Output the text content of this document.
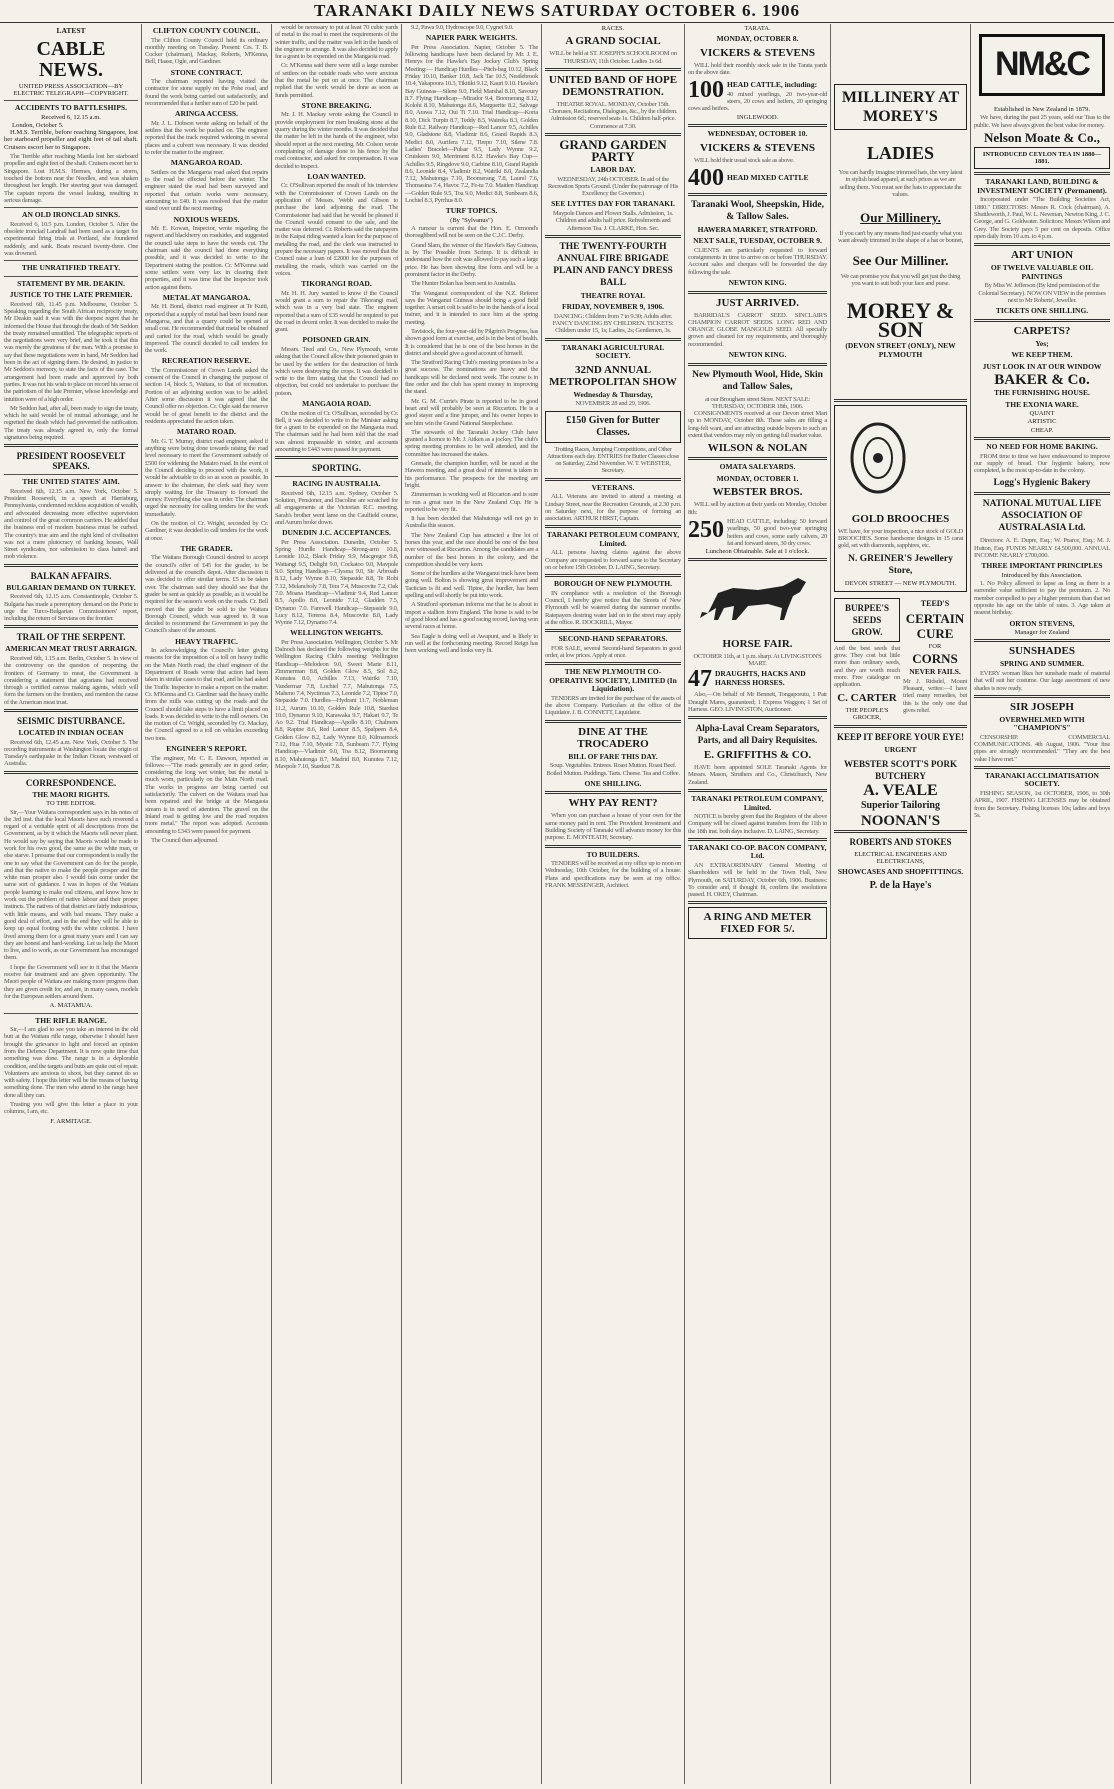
TARANAKI DAILY NEWS SATURDAY OCTOBER 6. 1906
LATEST
CABLE NEWS.
UNITED PRESS ASSOCIATION—BY ELECTRIC TELEGRAPH—COPYRIGHT.
ACCIDENTS TO BATTLESHIPS.
Received 6, 12.15 a.m.
London, October 5.

H.M.S. Terrible, before reaching Singapore, lost her starboard propeller and eight feet of tail shaft. Cruisers escort her to Singapore.

The Terrible after reaching Manila lost her starboard propeller and eight feet of the shaft. Cruisers escort her to Singapore. Lost H.M.S. Hermes, during a storm, touched the bottom near the Needles, and was shaken throughout her length. Her steering gear was damaged. The captain reports the vessel leaking, resulting in serious damage.

AN OLD IRONCLAD SINKS.

Received 6, 10.5 p.m. London, October 5. After the obsolete ironclad Landrail had been used as a target for experimental firing trials at Portland, she foundered suddenly, and sank. Boats rescued twenty-three. One was drowned.

THE UNRATIFIED TREATY.
STATEMENT BY MR. DEAKIN.
JUSTICE TO THE LATE PREMIER.

Received 6th, 11.45 p.m. Melbourne, October 5. Speaking regarding the South African reciprocity treaty, Mr Deakin said it was with the deepest regret that he informed the House that through the death of Mr Seddon the treaty remained unratified. The telegraphic reports of the negotiations were very brief, and he took it that this was merely the greatness of the man. With a promise to say that these negotiations were in hand, Mr Seddon had been in the act of signing them. He desired, in justice to Mr Seddon's memory, to state the facts of the case. The arrangement had been made and approved by both parties. It was not his wish to place on record his sense of the patriotism of the late Premier, whose knowledge and intuition were of a high order.

Mr Seddon had, after all, been ready to sign the treaty, which he said would be of mutual advantage, and he regretted the death which had prevented the ratification. The treaty was already agreed to, only the formal signatures being required.

PRESIDENT ROOSEVELT SPEAKS.
THE UNITED STATES' AIM.

Received 6th, 12.15 a.m. New York, October 5. President Roosevelt, in a speech at Harrisburg, Pennsylvania, condemned reckless acquisition of wealth, and advocated decreasing more effective supervision and control of the great common carriers. He added that the business end of modern business must be curbed. The country's true aim and the right kind of civilisation was not a mere plutocracy of banking houses, Wall Street syndicates, nor submission to class hatred and mob violence.

BALKAN AFFAIRS.
BULGARIAN DEMAND ON TURKEY.

Received 6th, 12.15 a.m. Constantinople, October 5. Bulgaria has made a peremptory demand on the Porte to urge the Turco-Bulgarian Commissioners' report, including the return of Servians on the frontier.

TRAIL OF THE SERPENT.
AMERICAN MEAT TRUST ARRAIGN.

Received 6th, 1.15 a.m. Berlin, October 5. In view of the controversy on the question of reopening the frontiers of Germany to meat, the Government is considering a statement that agrarians had received through a certified canvas making agents, which will form the farmers on the frontiers, and mention the cause of the American meat trust.

SEISMIC DISTURBANCE.
LOCATED IN INDIAN OCEAN

Received 6th, 12.45 a.m. New York, October 5. The recording instruments at Washington locate the origin of Tuesday's earthquake in the Indian Ocean, westward of Australia.

CORRESPONDENCE.
THE MAORI RIGHTS.
TO THE EDITOR.

Sir,—Your Waitara correspondent says in his notes of the 3rd inst. that the local Maoris have such reverend a regard of a veritable spirit of all descriptions from the Government, as by it which the Maoris will never plant. He would say by saying that Maoris would be made to work for his own good, the same as the white man, or else starve. I presume that our correspondent is really the one to say what the Government can do for the people, and that the native to make the people prosper and the white man prosper also. I would fain come under the same sort of guidance. I was in hopes of the Waitara people learning to make real citizens, and know how to work out the problem of native labour and their proper instincts. The natives of that district are fairly industrious, with little means, and with bad means. They make a good deal of effort, and in the end they will be able to keep up equal footing with the white colonist. I have lived among them for a great many years and I can say they are honest and hard-working. Let us help the Maori to live, and to work, as our Government has encouraged them.

I hope the Government will see to it that the Maoris receive fair treatment and are given opportunity. The Maori people of Waitara are making more progress than they are given credit for, and are, in many cases, models for the European settlers around them.

A. MATAMUA.
THE RIFLE RANGE.

Sir,—I am glad to see you take an interest in the old butt at the Waitara rifle range, otherwise I should have brought the grievance to light and forced an opinion from the Defence Department. It is now quite time that something was done. The range is in a deplorable condition, and the targets and butts are quite out of repair. Volunteers are anxious to shoot, but they cannot do so with safety. I hope this letter will be the means of having something done. The men who attend to the range have done all they can.

Trusting you will give this letter a place in your columns, I am, etc.

F. ARMITAGE.
CLIFTON COUNTY COUNCIL.

The Clifton County Council held its ordinary monthly meeting on Tuesday. Present: Crs. T. B. Cocker (chairman), Mackay, Roberts, M'Kenna, Bell, Haase, Ogle, and Gardiner.

STONE CONTRACT.

The chairman reported having visited the contractor for stone supply on the Pohe road, and found the work being carried out satisfactorily, and recommended that a further sum of £20 be paid.

ARINGA ACCESS.

Mr. J. L. Dobson wrote asking on behalf of the settlers that the work be pushed on. The engineer reported that the track required widening in several places and a culvert was necessary. It was decided to refer the matter to the engineer.

MANGAROA ROAD.

Settlers on the Mangaroa road asked that repairs to the road be effected before the winter. The engineer stated the road had been surveyed and reported that certain works were necessary, amounting to £40. It was resolved that the matter stand over until the next meeting.

NOXIOUS WEEDS.

Mr. E. Kowan, Inspector, wrote regarding the ragwort and blackberry on roadsides, and suggested the council take steps to have the weeds cut. The chairman said the council had done everything possible, and it was decided to write to the Department stating the position. Cr. M'Kenna said some settlers were very lax in clearing their properties, and it was time that the Inspector took action against them.

METAL AT MANGAROA.

Mr. H. Bond, district road engineer at Te Kuiti, reported that a supply of metal had been found near Mangaroa, and that a quarry could be opened at small cost. He recommended that metal be obtained and carted for the road, which would be greatly improved. The council decided to call tenders for the work.

RECREATION RESERVE.

The Commissioner of Crown Lands asked the consent of the Council in changing the purpose of section 14, block 5, Waitara, to that of recreation. Portion of an adjoining section was to be added. After some discussion it was agreed that the Council offer no objection. Cr. Ogle said the reserve would be of great benefit to the district and the residents appreciated the action taken.

MATARO ROAD.

Mr. G. T. Murray, district road engineer, asked if anything were being done towards raising the road level necessary to meet the Government subsidy of £500 for widening the Matairo road. In the event of the Council deciding to proceed with the work, it would be advisable to do so as soon as possible. In answer to the chairman, the clerk said they were simply waiting for the Treasury to forward the money. Everything else was in order. The chairman urged the necessity for calling tenders for the work immediately.

On the motion of Cr. Wright, seconded by Cr. Gardiner, it was decided to call tenders for the work at once.

THE GRADER.

The Waitara Borough Council desired to accept the council's offer of £45 for the grader, to be delivered at the council's depot. After discussion it was decided to offer similar terms. £5 to be taken over. The chairman said they should see that the grader be sent as quickly as possible, as it would be required for the season's work on the roads. Cr. Bell moved that the grader be sold to the Waitara Borough Council, which was agreed to. It was decided to recommend the Government to pay the Council's share of the amount.

HEAVY TRAFFIC.

In acknowledging the Council's letter giving reasons for the imposition of a toll on heavy traffic on the Main North road, the chief engineer of the Department of Roads wrote that action had been taken in similar cases to that road, and he had asked the Traffic Inspector to make a report on the matter. Cr. M'Kenna and Cr. Gardiner said the heavy traffic from the mills was cutting up the roads and the Council should take steps to have a limit placed on loads. It was decided to write to the mill owners. On the motion of Cr. Wright, seconded by Cr. Mackay, the Council agreed to a toll on vehicles exceeding two tons.

ENGINEER'S REPORT.

The engineer, Mr. C. E. Dawson, reported as follows:—"The roads generally are in good order, considering the long wet winter, but the metal is much worn, particularly on the Main North road. The works in progress are being carried out satisfactorily. The culvert on the Waitara road has been repaired and the bridge at the Mangaoia stream is in need of attention. The gravel on the Inland road is getting low and the road requires more metal." The report was adopted. Accounts amounting to £343 were passed for payment.

The Council then adjourned.

would be necessary to put at least 70 cubic yards of metal to the road to meet the requirements of the winter traffic, and the matter was left in the hands of the engineer to arrange. It was also decided to apply for a grant to be expended on the Mangaoia road.

Cr. M'Kenna said there were still a large number of settlers on the outside roads who were anxious that the metal be put on at once. The chairman replied that the work would be done as soon as funds permitted.

STONE BREAKING.

Mr. J. H. Mackay wrote asking the Council to provide employment for men breaking stone at the quarry during the winter months. It was decided that the matter be left in the hands of the engineer, who should report at the next meeting. Mr. Colson wrote complaining of damage done to his fence by the road contractor, and asked for compensation. It was decided to inspect.

LOAN WANTED.

Cr. O'Sullivan reported the result of his interview with the Commissioner of Crown Lands on the application of Messrs. Webb and Gibson to purchase the land adjoining the road. The Commissioner had said that he would be pleased if the Council would consent to the sale, and the matter was deferred. Cr. Roberts said the ratepayers in the Kaipai riding wanted a loan for the purpose of metalling the road, and the clerk was instructed to prepare the necessary papers. It was moved that the Council raise a loan of £2000 for the purposes of metalling the roads, which was carried on the voices.

TIKORANGI ROAD.

Mr. H. H. Jury wanted to know if the Council would grant a sum to repair the Tikorangi road, which was in a very bad state. The engineer reported that a sum of £35 would be required to put the road in decent order. It was decided to make the grant.

POISONED GRAIN.

Messrs. Teed and Co., New Plymouth, wrote asking that the Council allow their poisoned grain to be used by the settlers for the destruction of birds which were destroying the crops. It was decided to write to the firm stating that the Council had no objection, but could not undertake to purchase the poison.

MANGAOIA ROAD.

On the motion of Cr. O'Sullivan, seconded by Cr. Bell, it was decided to write to the Minister asking for a grant to be expended on the Mangaoia road. The chairman said he had been told that the road was almost impassable in winter, and accounts amounting to £443 were passed for payment.

SPORTING.
RACING IN AUSTRALIA.

Received 6th, 12.15 a.m. Sydney, October 5. Solution, Pensioner, and Dacoline are scratched for all engagements at the Victorian R.C. meeting. Sarah's brother went lame on the Caulfield course, and Aurum broke down.

DUNEDIN J.C. ACCEPTANCES.

Per Press Association. Dunedin, October 5. Spring Hurdle Handicap—Strong-arm 10.8, Leonide 10.2, Black Friday 9.9, Macgregor 9.8, Waitangi 9.5, Delight 9.0, Cockatoo 9.0, Mavpole 9.0. Spring Handicap—Clysma 9.0, Sir Arbroath 8.12, Lady Wynne 8.10, Stepaside 8.8, Te Rohi 7.12, Melancholy 7.8, Tera 7.4, Muscovite 7.2, Oak 7.0. Moana Handicap—Vladimir 9.4, Red Lancer 8.5, Apollo 8.0, Leonide 7.12, Gladden 7.5, Dynamo 7.0. Farewell Handicap—Stepaside 9.0, Lucy 8.12, Tereroa 8.4, Muscovite 8.0, Lady Wynne 7.12, Dynamo 7.4.

WELLINGTON WEIGHTS.

Per Press Association. Wellington, October 5. Mr Dalnoch has declared the following weights for the Wellington Racing Club's meeting: Wellington Handicap—Melodeon 9.0, Sweet Marie 8.11, Zimmerman 8.8, Golden Glow 8.5, Sol 8.2, Kunutea 8.0, Achilles 7.13, Wairiki 7.10, Vandermar 7.8, Lochiel 7.7, Mahutonga 7.5, Maheno 7.4, Nyctimus 7.3, Leonide 7.2, Tiptoe 7.0, Stepaside 7.0. Hurdles—Hydrant 11.7, Nobleman 11.2, Aurum 10.10, Golden Rule 10.8, Stardust 10.0, Dynamo 9.10, Karawaka 9.7, Hakari 9.7, Te Ao 9.2. Trial Handicap—Apollo 8.10, Chalmers 8.8, Rapine 8.6, Red Lancer 8.5, Spalpeen 8.4, Golden Glow 8.2, Lady Wynne 8.0, Kilmarnock 7.12, Hua 7.10, Mystic 7.8, Sunbeam 7.7. Flying Handicap—Vladimir 9.0, Toa 8.12, Boomerang 8.10, Mahutonga 8.7, Madrid 8.0, Kunutea 7.12, Mavpole 7.10, Stardust 7.8.

9.2, Pawa 9.0, Hydroscope 9.0, Cygnet 9.0.

NAPIER PARK WEIGHTS.

Per Press Association. Napier, October 5. The following handicaps have been declared by Mr. J. E. Henrys for the Hawke's Bay Jockey Club's Spring Meeting:— Handicap Hurdles—Pitch-bag 10.12, Black Friday 10.10, Banker 10.8, Jack Tar 10.5, Nestlebrook 10.4, Yakapoora 10.3, Tikitiki 9.12, Kauri 9.10. Hawke's Bay Guineas—Silene 9.0, Field Marshal 8.10, Savoury 8.7. Flying Handicap—Mirador 9.4, Boomerang 8.12, Kolohi 8.10, Mahutonga 8.6, Marguerite 8.2, Salvage 8.0, Arawa 7.12, Oui Ti 7.10. Trial Handicap—Koria 8.10, Dick Turpin 8.7, Teddy 8.5, Waireka 8.3, Golden Rule 8.2. Railway Handicap—Red Lancer 9.5, Achilles 9.0, Gladstone 8.8, Vladimir 8.6, Grand Rapids 8.3, Medici 8.0, Aurifera 7.12, Tirepo 7.10, Silene 7.8. Ladies' Bracelet—Pulsar 9.5, Lady Wynne 9.2, Cruiskeen 9.0, Merriment 8.12. Hawke's Bay Cup—Achilles 9.5, Ringdove 9.0, Carbine 8.10, Grand Rapids 8.6, Leonide 8.4, Vladimir 8.2, Wairiki 8.0, Zealandia 7.12, Mahutonga 7.10, Boomerang 7.8, Laurel 7.6, Thomasina 7.4, Havoc 7.2, Fe-tu 7.0. Maiden Handicap—Golden Rule 9.5, Toa 9.0, Medici 8.8, Sunbeam 8.6, Lochiel 8.3, Pyrrhus 8.0.

TURF TOPICS.
(By "Sylvanus")

A rumour is current that the Hon. E. Ormond's thoroughbred will not be seen on the C.J.C. Derby.

Grand Slam, the winner of the Hawke's Bay Guineas, is by The Possible from Scrimp. It is difficult to understand how the colt was allowed to pay such a large price. He has been showing fine form and will be a prominent factor in the Derby.

The Hunter Bolan has been sent to Australia.

The Wanganui correspondent of the N.Z. Referee says the Wanganui Guineas should bring a good field together. A smart colt is said to be in the hands of a local trainer, and it is intended to race him at the spring meeting.

Tavistock, the four-year-old by Pilgrim's Progress, has shown good form at exercise, and is in the best of health. It is considered that he is one of the best horses in the district and should give a good account of himself.

The Stratford Racing Club's meeting promises to be a great success. The nominations are heavy and the handicaps will be declared next week. The course is in fine order and the club has spent money in improving the stand.

Mr. G. M. Currie's Pirate is reported to be in good heart and will probably be seen at Riccarton. He is a good stayer and a fine jumper, and his owner hopes to see him win the Grand National Steeplechase.

The stewards of the Taranaki Jockey Club have granted a licence to Mr. J. Aitken as a jockey. The club's spring meeting promises to be well attended, and the committee has increased the stakes.

Grenade, the champion hurdler, will be raced at the Hawera meeting, and a great deal of interest is taken in his performance. The prospects for the meeting are bright.

Zimmerman is working well at Riccarton and is sure to run a great race in the New Zealand Cup. He is reported to be very fit.

It has been decided that Mahutonga will not go to Australia this season.

The New Zealand Cup has attracted a fine lot of horses this year, and the race should be one of the best ever witnessed at Riccarton. Among the candidates are a number of the best horses in the colony, and the competition should be very keen.

Some of the hurdlers at the Wanganui track have been going well. Bolton is showing great improvement and Tactician is fit and well. Tiptoe, the hurdler, has been spelling and will shortly be put into work.

A Stratford sportsman informs me that he is about to import a stallion from England. The horse is said to be of good blood and has a good racing record, having won several races at home.

Sea Eagle is doing well at Awapuni, and is likely to run well at the forthcoming meeting. Record Reign has been working well and looks very fit.

RACES.
A GRAND SOCIAL
WILL be held at ST. JOSEPH'S SCHOOLROOM on THURSDAY, 11th October. Ladies 1s 6d.
UNITED BAND OF HOPE DEMONSTRATION.
THEATRE ROYAL. MONDAY, October 15th. Choruses, Recitations, Dialogues, &c., by the children. Admission 6d.; reserved seats 1s. Children half-price. Commence at 7.30.
GRAND GARDEN PARTY
LABOR DAY.
WEDNESDAY, 24th OCTOBER. In aid of the Recreation Sports Ground. (Under the patronage of His Excellency the Governor.)
SEE LYTTES DAY FOR TARANAKI.
Maypole Dances and Flower Stalls. Admission, 1s. Children and adults half price. Refreshments and Afternoon Tea. J. CLARKE, Hon. Sec.
THE TWENTY-FOURTH ANNUAL FIRE BRIGADE PLAIN AND FANCY DRESS BALL
THEATRE ROYAL
FRIDAY, NOVEMBER 9, 1906.
DANCING: Children from 7 to 9.30; Adults after. FANCY DANCING BY CHILDREN. TICKETS: Children under 15, 1s; Ladies, 2s; Gentlemen, 3s.
TARANAKI AGRICULTURAL SOCIETY.
32ND ANNUAL METROPOLITAN SHOW
Wednesday & Thursday,
NOVEMBER 28 and 29, 1906.
£150 Given for Butter Classes.
Trotting Races, Jumping Competitions, and Other Attractions each day. ENTRIES for Butter Classes close on Saturday, 22nd November. W. T. WEBSTER, Secretary.
VETERANS.

ALL Veterans are invited to attend a meeting at Lindsay Street, near the Recreation Grounds, at 2.30 p.m. on Saturday next, for the purpose of forming an association. ARTHUR HIRST, Captain.

TARANAKI PETROLEUM COMPANY, Limited.

ALL persons having claims against the above Company are requested to forward same to the Secretary on or before 15th October. D. LAING, Secretary.

BOROUGH OF NEW PLYMOUTH.

IN compliance with a resolution of the Borough Council, I hereby give notice that the Streets of New Plymouth will be watered during the summer months. Ratepayers desiring water laid on to the street may apply at the office. R. DOCKRILL, Mayor.

SECOND-HAND SEPARATORS.

FOR SALE, several Second-hand Separators in good order, at low prices. Apply at once.

THE NEW PLYMOUTH CO-OPERATIVE SOCIETY, LIMITED (In Liquidation).

TENDERS are invited for the purchase of the assets of the above Company. Particulars at the office of the Liquidator. J. B. CONNETT, Liquidator.

DINE AT THE TROCADERO
BILL OF FARE THIS DAY.
Soup. Vegetables. Entrees. Roast Mutton. Roast Beef. Boiled Mutton. Puddings. Tarts. Cheese. Tea and Coffee.
ONE SHILLING.
WHY PAY RENT?

When you can purchase a house of your own for the same money paid in rent. The Provident Investment and Building Society of Taranaki will advance money for this purpose. E. MONTEATH, Secretary.

TO BUILDERS.

TENDERS will be received at my office up to noon on Wednesday, 10th October, for the building of a house. Plans and specifications may be seen at my office. FRANK MESSENGER, Architect.

TARATA.
MONDAY, OCTOBER 8.
VICKERS & STEVENS

WILL hold their monthly stock sale in the Tarata yards on the above date.

100 HEAD CATTLE, including:
40 mixed yearlings, 20 two-year-old steers, 20 cows and heifers, 20 springing cows and heifers.
INGLEWOOD.
WEDNESDAY, OCTOBER 10.
VICKERS & STEVENS

WILL hold their usual stock sale as above.

400 HEAD MIXED CATTLE
Taranaki Wool, Sheepskin, Hide, & Tallow Sales.
HAWERA MARKET, STRATFORD.
NEXT SALE, TUESDAY, OCTOBER 9.

CLIENTS are particularly requested to forward consignments in time to arrive on or before THURSDAY. Account sales and cheques will be forwarded the day following the sale.

NEWTON KING.
JUST ARRIVED.

BARRIDAL'S CARROT SEED. SINCLAIR'S CHAMPION CARROT SEEDS. LONG RED AND ORANGE GLOBE MANGOLD SEED. All specially grown and cleaned for my requirements, and thoroughly recommended.

NEWTON KING.
New Plymouth Wool, Hide, Skin and Tallow Sales,
at our Brougham street Store. NEXT SALE: THURSDAY, OCTOBER 18th, 1906.

CONSIGNMENTS received at our Devon street Mart up to MONDAY, October 8th. These sales are filling a long-felt want, and are attracting outside buyers to such an extent that vendors may rely on getting full market value.

WILSON & NOLAN
OMATA SALEYARDS.
MONDAY, OCTOBER 1.
WEBSTER BROS.

WILL sell by auction at their yards on Monday, October 8th:

250 HEAD CATTLE, including: 50 forward yearlings, 50 good two-year springing heifers and cows, some early calvers, 20 fat and forward steers, 30 dry cows.
Luncheon Obtainable. Sale at 1 o'clock.
HORSE FAIR.
OCTOBER 11th, at 1 p.m. sharp. At LIVINGSTON'S MART.
47 DRAUGHTS, HACKS AND HARNESS HORSES.

Also,—On behalf of Mr Bennett, Tongaporutu, 1 Pair Draught Mares, guaranteed; 1 Express Waggon; 1 Set of Harness. GEO. LIVINGSTON, Auctioneer.

Alpha-Laval Cream Separators, Parts, and all Dairy Requisites.
E. GRIFFITHS & CO.

HAVE been appointed SOLE Taranaki Agents for Messrs. Mason, Struthers and Co., Christchurch, New Zealand.

TARANAKI PETROLEUM COMPANY, Limited.

NOTICE is hereby given that the Registers of the above Company will be closed against transfers from the 11th to the 18th inst. both days inclusive. D. LAING, Secretary.

TARANAKI CO-OP. BACON COMPANY, Ltd.

AN EXTRAORDINARY General Meeting of Shareholders will be held in the Town Hall, New Plymouth, on SATURDAY, October 6th, 1906. Business: To consider and, if thought fit, confirm the resolutions passed. H. OKEY, Chairman.

A RING AND METER FIXED FOR 5/.
MILLINERY AT MOREY'S
LADIES
You can hardly imagine trimmed hats, the very latest in stylish head apparel, at such prices as we are selling them. You must see the hats to appreciate the values.
Our Millinery.
If you can't by any means find just exactly what you want already trimmed in the shape of a hat or bonnet,
See Our Milliner.
We can promise you that you will get just the thing you want to suit both your face and purse.
MOREY & SON
(DEVON STREET (ONLY), NEW PLYMOUTH
GOLD BROOCHES
WE have, for your inspection, a nice stock of GOLD BROOCHES. Some handsome designs in 15 carat gold, set with diamonds, sapphires, etc.
N. GREINER'S Jewellery Store,
DEVON STREET — NEW PLYMOUTH.
BURPEE'S SEEDS GROW.
And the best seeds that grow. They cost but little more than ordinary seeds, and they are worth much more. Free catalogue on application.
C. CARTER
THE PEOPLE'S GROCER,
TEED'S
CERTAIN
CURE
FOR
CORNS
NEVER FAILS.
Mr J. Ridsdel, Mount Pleasant, writes:—I have tried many remedies, but this is the only one that gives relief.
KEEP IT BEFORE YOUR EYE!
URGENT
WEBSTER SCOTT'S PORK BUTCHERY
A. VEALE
Superior Tailoring
NOONAN'S
ROBERTS AND STOKES
ELECTRICAL ENGINEERS AND ELECTRICIANS,
SHOWCASES AND SHOPFITTINGS.
P. de la Haye's
NM&C
Established in New Zealand in 1879.

We have, during the past 25 years, sold our Teas to the public. We have always given the best value for money.

Nelson Moate & Co.,
INTRODUCED CEYLON TEA IN 1880—1881.
TARANAKI LAND, BUILDING & INVESTMENT SOCIETY (Permanent).

Incorporated under "The Building Societies Act, 1880." DIRECTORS: Messrs R. Cock (chairman), A. Shuttleworth, J. Paul, W. L. Newman, Newton King, J. C. George, and G. Goldwater. Solicitors: Messrs Wilson and Grey. The Society pays 5 per cent on deposits. Office open daily from 10 a.m. to 4 p.m.

ART UNION
OF TWELVE VALUABLE OIL PAINTINGS
By Miss W. Jefferson (By kind permission of the Colonial Secretary). NOW ON VIEW in the premises next to Mr Roberts', Jeweller.
TICKETS ONE SHILLING.
CARPETS?
Yes;
WE KEEP THEM.
JUST LOOK IN AT OUR WINDOW
BAKER & Co.
THE FURNISHING HOUSE.
THE EXONIA WARE.
QUAINT
ARTISTIC
CHEAP.
NO NEED FOR HOME BAKING.

FROM time to time we have endeavoured to improve our supply of bread. Our hygienic bakery, now completed, is the most up-to-date in the colony.

Logg's Hygienic Bakery
NATIONAL MUTUAL LIFE ASSOCIATION OF AUSTRALASIA Ltd.

Directors: A. E. Dupre, Esq.; W. Pearce, Esq.; M. J. Hutton, Esq. FUNDS NEARLY £4,500,000. ANNUAL INCOME NEARLY £700,000.

THREE IMPORTANT PRINCIPLES
Introduced by this Association.

1. No Policy allowed to lapse as long as there is a surrender value sufficient to pay the premium. 2. No member compelled to pay a higher premium than that set opposite his age on the table of rates. 3. Age taken at nearest birthday.

ORTON STEVENS,
Manager for Zealand
SUNSHADES
SPRING AND SUMMER.

EVERY woman likes her sunshade made of material that will suit her costume. Our large assortment of new shades is now ready.

SIR JOSEPH
OVERWHELMED WITH "CHAMPION'S"

CENSORSHIP. COMMERCIAL COMMUNICATIONS. 4th August, 1906. "Your fine pipes are strongly recommended." "They are the best value I have met."

TARANAKI ACCLIMATISATION SOCIETY.

FISHING SEASON, 1st OCTOBER, 1906, to 30th APRIL, 1907. FISHING LICENSES may be obtained from the Secretary. Fishing licenses 10s; ladies and boys 5s.
